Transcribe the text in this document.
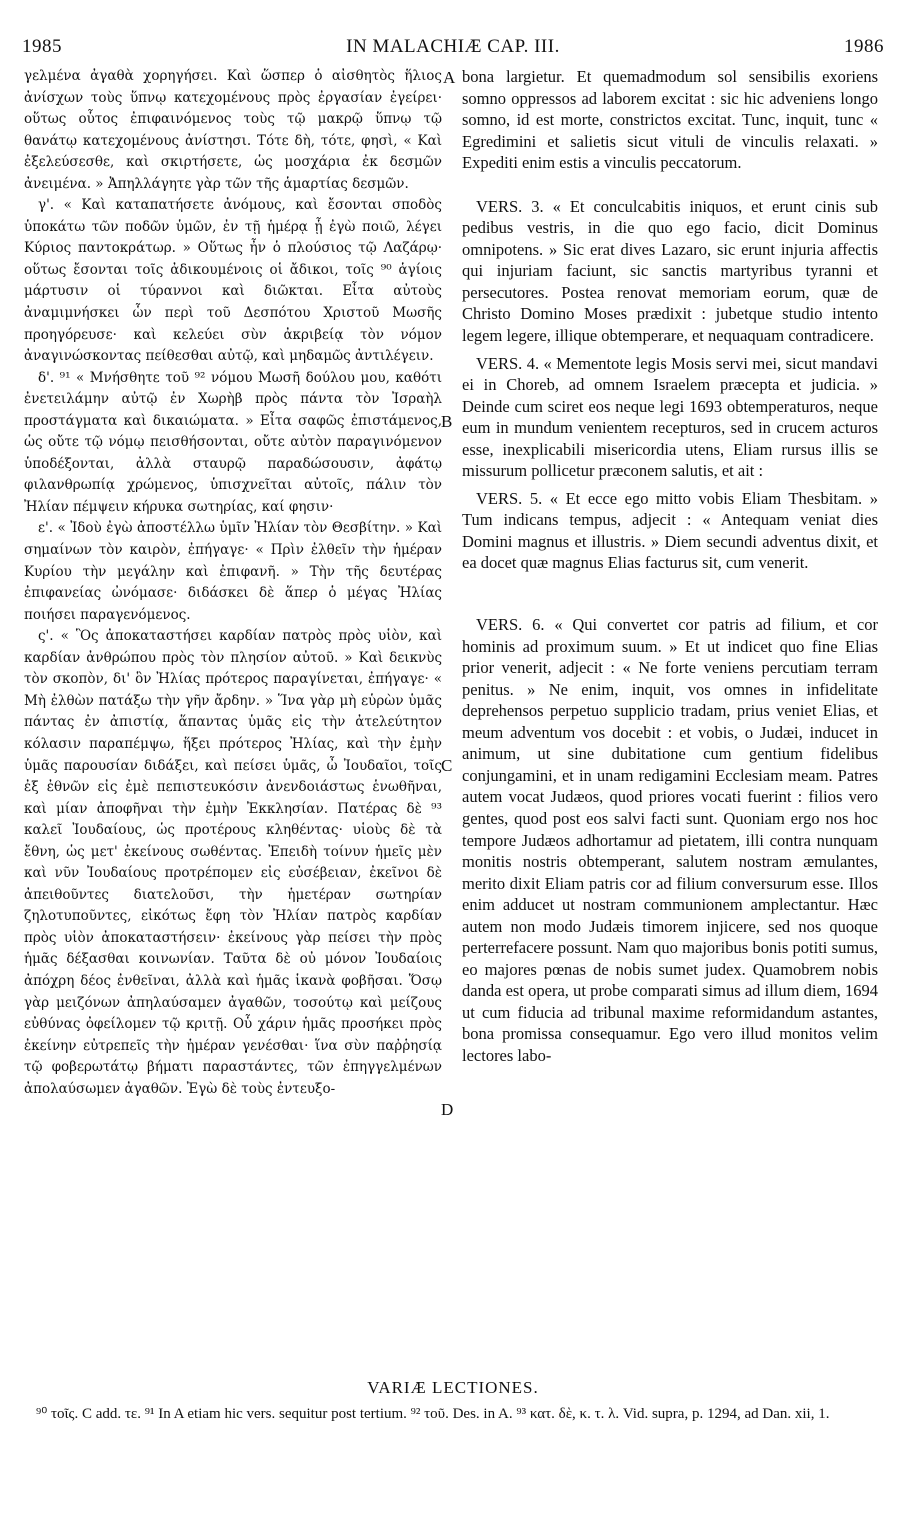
1985	IN MALACHIÆ CAP. III.	1986

γελμένα ἀγαθὰ χορηγήσει. Καὶ ὥσπερ ὁ αἰσθητὸς ἥλιος ἀνίσχων τοὺς ὕπνῳ κατεχομένους πρὸς ἐργασίαν ἐγείρει· οὕτως οὗτος ἐπιφαινόμενος τοὺς τῷ μακρῷ ὕπνῳ τῷ θανάτῳ κατεχομένους ἀνίστησι. Τότε δὴ, τότε, φησὶ, « Καὶ ἐξελεύσεσθε, καὶ σκιρτήσετε, ὡς μοσχάρια ἐκ δεσμῶν ἀνειμένα. » Ἀπηλλάγητε γὰρ τῶν τῆς ἁμαρτίας δεσμῶν.

γ'. « Καὶ καταπατήσετε ἀνόμους, καὶ ἔσονται σποδὸς ὑποκάτω τῶν ποδῶν ὑμῶν, ἐν τῇ ἡμέρᾳ ᾗ ἐγὼ ποιῶ, λέγει Κύριος παντοκράτωρ. » Οὕτως ἦν ὁ πλούσιος τῷ Λαζάρῳ· οὕτως ἔσονται τοῖς ἀδικουμένοις οἱ ἄδικοι, τοῖς ⁹⁰ ἁγίοις μάρτυσιν οἱ τύραννοι καὶ διῶκται. Εἶτα αὐτοὺς ἀναμιμνήσκει ὧν περὶ τοῦ Δεσπότου Χριστοῦ Μωσῆς προηγόρευσε· καὶ κελεύει σὺν ἀκριβείᾳ τὸν νόμον ἀναγινώσκοντας πείθεσθαι αὐτῷ, καὶ μηδαμῶς ἀντιλέγειν.

δ'. ⁹¹ « Μνήσθητε τοῦ ⁹² νόμου Μωσῆ δούλου μου, καθότι ἐνετειλάμην αὐτῷ ἐν Χωρὴβ πρὸς πάντα τὸν Ἰσραὴλ προστάγματα καὶ δικαιώματα. » Εἶτα σαφῶς ἐπιστάμενος, ὡς οὔτε τῷ νόμῳ πεισθήσονται, οὔτε αὐτὸν παραγινόμενον ὑποδέξονται, ἀλλὰ σταυρῷ παραδώσουσιν, ἀφάτῳ φιλανθρωπίᾳ χρώμενος, ὑπισχνεῖται αὐτοῖς, πάλιν τὸν Ἠλίαν πέμψειν κήρυκα σωτηρίας, καί φησιν·

ε'. « Ἰδοὺ ἐγὼ ἀποστέλλω ὑμῖν Ἠλίαν τὸν Θεσβίτην. » Καὶ σημαίνων τὸν καιρὸν, ἐπήγαγε· « Πρὶν ἐλθεῖν τὴν ἡμέραν Κυρίου τὴν μεγάλην καὶ ἐπιφανῆ. » Τὴν τῆς δευτέρας ἐπιφανείας ὠνόμασε· διδάσκει δὲ ἅπερ ὁ μέγας Ἠλίας ποιήσει παραγενόμενος.

ς'. « Ὃς ἀποκαταστήσει καρδίαν πατρὸς πρὸς υἱὸν, καὶ καρδίαν ἀνθρώπου πρὸς τὸν πλησίον αὐτοῦ. » Καὶ δεικνὺς τὸν σκοπὸν, δι' ὃν Ἠλίας πρότερος παραγίνεται, ἐπήγαγε· « Μὴ ἐλθὼν πατάξω τὴν γῆν ἄρδην. » Ἵνα γὰρ μὴ εὑρὼν ὑμᾶς πάντας ἐν ἀπιστίᾳ, ἅπαντας ὑμᾶς εἰς τὴν ἀτελεύτητον κόλασιν παραπέμψω, ἥξει πρότερος Ἠλίας, καὶ τὴν ἐμὴν ὑμᾶς παρουσίαν διδάξει, καὶ πείσει ὑμᾶς, ὦ Ἰουδαῖοι, τοῖς ἐξ ἐθνῶν εἰς ἐμὲ πεπιστευκόσιν ἀνενδοιάστως ἑνωθῆναι, καὶ μίαν ἀποφῆναι τὴν ἐμὴν Ἐκκλησίαν. Πατέρας δὲ ⁹³ καλεῖ Ἰουδαίους, ὡς προτέρους κληθέντας· υἱοὺς δὲ τὰ ἔθνη, ὡς μετ' ἐκείνους σωθέντας. Ἐπειδὴ τοίνυν ἡμεῖς μὲν καὶ νῦν Ἰουδαίους προτρέπομεν εἰς εὐσέβειαν, ἐκεῖνοι δὲ ἀπειθοῦντες διατελοῦσι, τὴν ἡμετέραν σωτηρίαν ζηλοτυποῦντες, εἰκότως ἔφη τὸν Ἠλίαν πατρὸς καρδίαν πρὸς υἱὸν ἀποκαταστήσειν· ἐκείνους γὰρ πείσει τὴν πρὸς ἡμᾶς δέξασθαι κοινωνίαν. Ταῦτα δὲ οὐ μόνον Ἰουδαίοις ἀπόχρη δέος ἐνθεῖναι, ἀλλὰ καὶ ἡμᾶς ἱκανὰ φοβῆσαι. Ὅσῳ γὰρ μειζόνων ἀπηλαύσαμεν ἀγαθῶν, τοσούτῳ καὶ μείζους εὐθύνας ὀφείλομεν τῷ κριτῇ. Οὗ χάριν ἡμᾶς προσήκει πρὸς ἐκείνην εὐτρεπεῖς τὴν ἡμέραν γενέσθαι· ἵνα σὺν παῤῥησίᾳ τῷ φοβερωτάτῳ βήματι παραστάντες, τῶν ἐπηγγελμένων ἀπολαύσωμεν ἀγαθῶν. Ἐγὼ δὲ τοὺς ἐντευξο-

bona largietur. Et quemadmodum sol sensibilis exoriens somno oppressos ad laborem excitat : sic hic adveniens longo somno, id est morte, constrictos excitat. Tunc, inquit, tunc « Egredimini et salietis sicut vituli de vinculis relaxati. » Expediti enim estis a vinculis peccatorum.

VERS. 3. « Et conculcabitis iniquos, et erunt cinis sub pedibus vestris, in die quo ego facio, dicit Dominus omnipotens. » Sic erat dives Lazaro, sic erunt injuria affectis qui injuriam faciunt, sic sanctis martyribus tyranni et persecutores. Postea renovat memoriam eorum, quæ de Christo Domino Moses prædixit : jubetque studio intento legem legere, illique obtemperare, et nequaquam contradicere.

VERS. 4. « Mementote legis Mosis servi mei, sicut mandavi ei in Choreb, ad omnem Israelem præcepta et judicia. » Deinde cum sciret eos neque legi 1693 obtemperaturos, neque eum in mundum venientem recepturos, sed in crucem acturos esse, inexplicabili misericordia utens, Eliam rursus illis se missurum pollicetur præconem salutis, et ait :

VERS. 5. « Et ecce ego mitto vobis Eliam Thesbitam. » Tum indicans tempus, adjecit : « Antequam veniat dies Domini magnus et illustris. » Diem secundi adventus dixit, et ea docet quæ magnus Elias facturus sit, cum venerit.

VERS. 6. « Qui convertet cor patris ad filium, et cor hominis ad proximum suum. » Et ut indicet quo fine Elias prior venerit, adjecit : « Ne forte veniens percutiam terram penitus. » Ne enim, inquit, vos omnes in infidelitate deprehensos perpetuo supplicio tradam, prius veniet Elias, et meum adventum vos docebit : et vobis, o Judæi, inducet in animum, ut sine dubitatione cum gentium fidelibus conjungamini, et in unam redigamini Ecclesiam meam. Patres autem vocat Judæos, quod priores vocati fuerint : filios vero gentes, quod post eos salvi facti sunt. Quoniam ergo nos hoc tempore Judæos adhortamur ad pietatem, illi contra nunquam monitis nostris obtemperant, salutem nostram æmulantes, merito dixit Eliam patris cor ad filium conversurum esse. Illos enim adducet ut nostram communionem amplectantur. Hæc autem non modo Judæis timorem injicere, sed nos quoque perterrefacere possunt. Nam quo majoribus bonis potiti sumus, eo majores pœnas de nobis sumet judex. Quamobrem nobis danda est opera, ut probe comparati simus ad illum diem, 1694 ut cum fiducia ad tribunal maxime reformidandum astantes, bona promissa consequamur. Ego vero illud monitos velim lectores labo-

A
B
C
D
VARIÆ LECTIONES.

⁹⁰ τοῖς. C add. τε. ⁹¹ In A etiam hic vers. sequitur post tertium. ⁹² τοῦ. Des. in A. ⁹³ κατ. δὲ, κ. τ. λ. Vid. supra, p. 1294, ad Dan. xii, 1.
